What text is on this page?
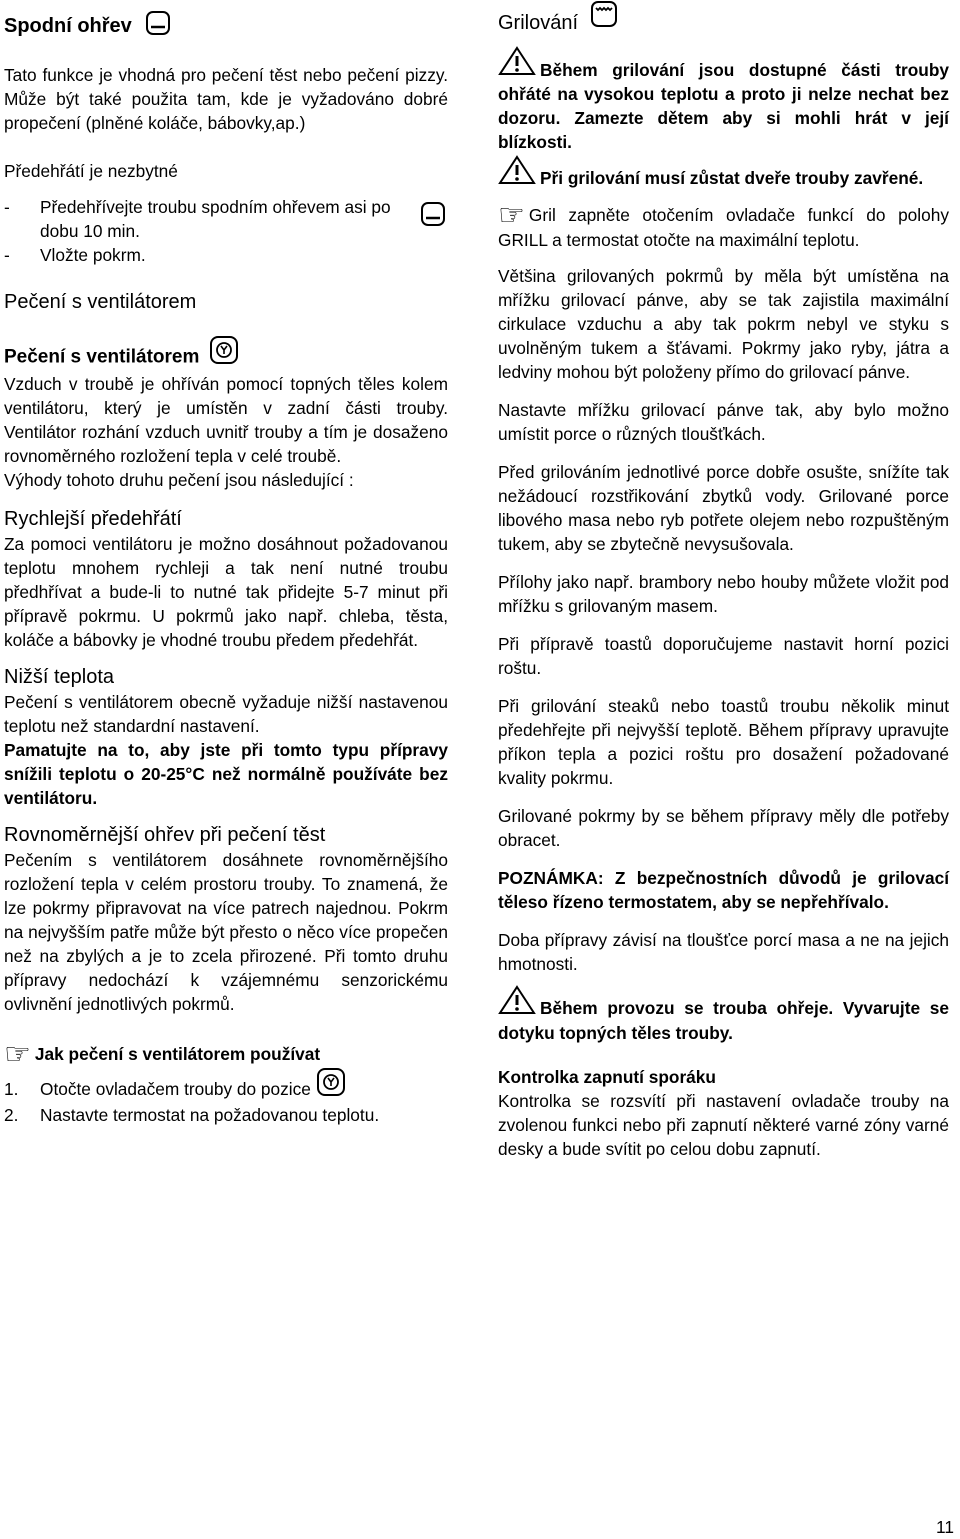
Spodní ohřev

Tato funkce je vhodná pro pečení těst nebo pečení pizzy. Může být také použita tam, kde je vyžadováno dobré propečení (plněné koláče, bábovky,ap.)

Předehřátí je nezbytné

- Předehřívejte troubu spodním ohřevem asi po dobu 10 min.
- Vložte pokrm.

Pečení s ventilátorem

Pečení s ventilátorem

Vzduch v troubě je ohříván pomocí topných těles kolem ventilátoru, který je umístěn v zadní části trouby. Ventilátor rozhání vzduch uvnitř trouby a tím je dosaženo rovnoměrného rozložení tepla v celé troubě.

Výhody tohoto druhu pečení jsou následující :

Rychlejší předehřátí

Za pomoci ventilátoru je možno dosáhnout požadovanou teplotu mnohem rychleji a tak není nutné troubu předhřívat a bude-li to nutné tak přidejte 5-7 minut při přípravě pokrmu. U pokrmů jako např. chleba, těsta, koláče a bábovky je vhodné troubu předem předehřát.

Nižší teplota

Pečení s ventilátorem obecně vyžaduje nižší nastavenou teplotu než standardní nastavení.

Pamatujte na to, aby jste při tomto typu přípravy snížili teplotu o 20-25°C než normálně používáte bez ventilátoru.

Rovnoměrnější ohřev při pečení těst

Pečením s ventilátorem dosáhnete rovnoměrnějšího rozložení tepla v celém prostoru trouby. To znamená, že lze pokrmy připravovat na více patrech najednou. Pokrm na nejvyšším patře může být přesto o něco více propečen než na zbylých a je to zcela přirozené. Při tomto druhu přípravy nedochází k vzájemnému senzorickému ovlivnění jednotlivých pokrmů.

☞ Jak pečení s ventilátorem používat

1. Otočte ovladačem trouby do pozice
2. Nastavte termostat na požadovanou teplotu.

Grilování

Během grilování jsou dostupné části trouby ohřáté na vysokou teplotu a proto ji nelze nechat bez dozoru. Zamezte dětem aby si mohli hrát v její blízkosti.

Při grilování musí zůstat dveře trouby zavřené.

☞ Gril zapněte otočením ovladače funkcí do polohy GRILL a termostat otočte na maximální teplotu.

Většina grilovaných pokrmů by měla být umístěna na mřížku grilovací pánve, aby se tak zajistila maximální cirkulace vzduchu a aby tak pokrm nebyl ve styku s uvolněným tukem a šťávami. Pokrmy jako ryby, játra a ledviny mohou být položeny přímo do grilovací pánve.

Nastavte mřížku grilovací pánve tak, aby bylo možno umístit porce o různých tloušťkách.

Před grilováním jednotlivé porce dobře osušte, snížíte tak nežádoucí rozstřikování zbytků vody. Grilované porce libového masa nebo ryb potřete olejem nebo rozpuštěným tukem, aby se zbytečně nevysušovala.

Přílohy jako např. brambory nebo houby můžete vložit pod mřížku s grilovaným masem.

Při přípravě toastů doporučujeme nastavit horní pozici roštu.

Při grilování steaků nebo toastů troubu několik minut předehřejte při nejvyšší teplotě. Během přípravy upravujte příkon tepla a pozici roštu pro dosažení požadované kvality pokrmu.

Grilované pokrmy by se během přípravy měly dle potřeby obracet.

POZNÁMKA: Z bezpečnostních důvodů je grilovací těleso řízeno termostatem, aby se nepřehřívalo.

Doba přípravy závisí na tloušťce porcí masa a ne na jejich hmotnosti.

Během provozu se trouba ohřeje. Vyvarujte se dotyku topných těles trouby.

Kontrolka zapnutí sporáku

Kontrolka se rozsvítí při nastavení ovladače trouby na zvolenou funkci nebo při zapnutí některé varné zóny varné desky a bude svítit po celou dobu zapnutí.

11
